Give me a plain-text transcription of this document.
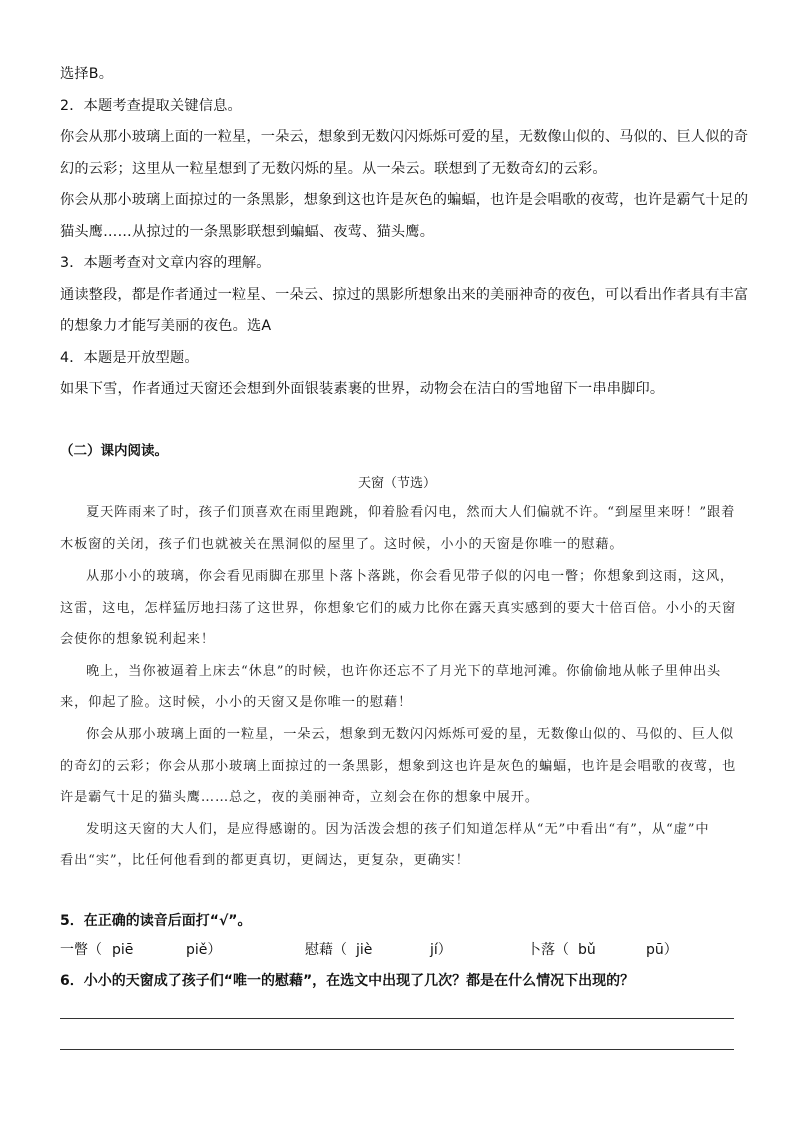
选择B。
2．本题考查提取关键信息。
你会从那小玻璃上面的一粒星，一朵云，想象到无数闪闪烁烁可爱的星，无数像山似的、马似的、巨人似的奇
幻的云彩；这里从一粒星想到了无数闪烁的星。从一朵云。联想到了无数奇幻的云彩。
你会从那小玻璃上面掠过的一条黑影，想象到这也许是灰色的蝙蝠，也许是会唱歌的夜莺，也许是霸气十足的
猫头鹰……从掠过的一条黑影联想到蝙蝠、夜莺、猫头鹰。
3．本题考查对文章内容的理解。
通读整段，都是作者通过一粒星、一朵云、掠过的黑影所想象出来的美丽神奇的夜色，可以看出作者具有丰富
的想象力才能写美丽的夜色。选A
4．本题是开放型题。
如果下雪，作者通过天窗还会想到外面银装素裹的世界，动物会在洁白的雪地留下一串串脚印。
（二）课内阅读。
天窗（节选）
夏天阵雨来了时，孩子们顶喜欢在雨里跑跳，仰着脸看闪电，然而大人们偏就不许。“到屋里来呀！”跟着
木板窗的关闭，孩子们也就被关在黑洞似的屋里了。这时候，小小的天窗是你唯一的慰藉。
从那小小的玻璃，你会看见雨脚在那里卜落卜落跳，你会看见带子似的闪电一瞥；你想象到这雨，这风，
这雷，这电，怎样猛厉地扫荡了这世界，你想象它们的威力比你在露天真实感到的要大十倍百倍。小小的天窗
会使你的想象锐利起来！
晚上，当你被逼着上床去“休息”的时候，也许你还忘不了月光下的草地河滩。你偷偷地从帐子里伸出头
来，仰起了脸。这时候，小小的天窗又是你唯一的慰藉！
你会从那小玻璃上面的一粒星，一朵云，想象到无数闪闪烁烁可爱的星，无数像山似的、马似的、巨人似
的奇幻的云彩；你会从那小玻璃上面掠过的一条黑影，想象到这也许是灰色的蝙蝠，也许是会唱歌的夜莺，也
许是霸气十足的猫头鹰……总之，夜的美丽神奇，立刻会在你的想象中展开。
发明这天窗的大人们，是应得感谢的。因为活泼会想的孩子们知道怎样从“无”中看出“有”，从“虚”中
看出“实”，比任何他看到的都更真切，更阔达，更复杂，更确实！
5．在正确的读音后面打“√”。
一瞥（ piē	piě）	慰藉（ jiè	jí）	卜落（ bǔ	pū）
6．小小的天窗成了孩子们“唯一的慰藉”，在选文中出现了几次？都是在什么情况下出现的？
